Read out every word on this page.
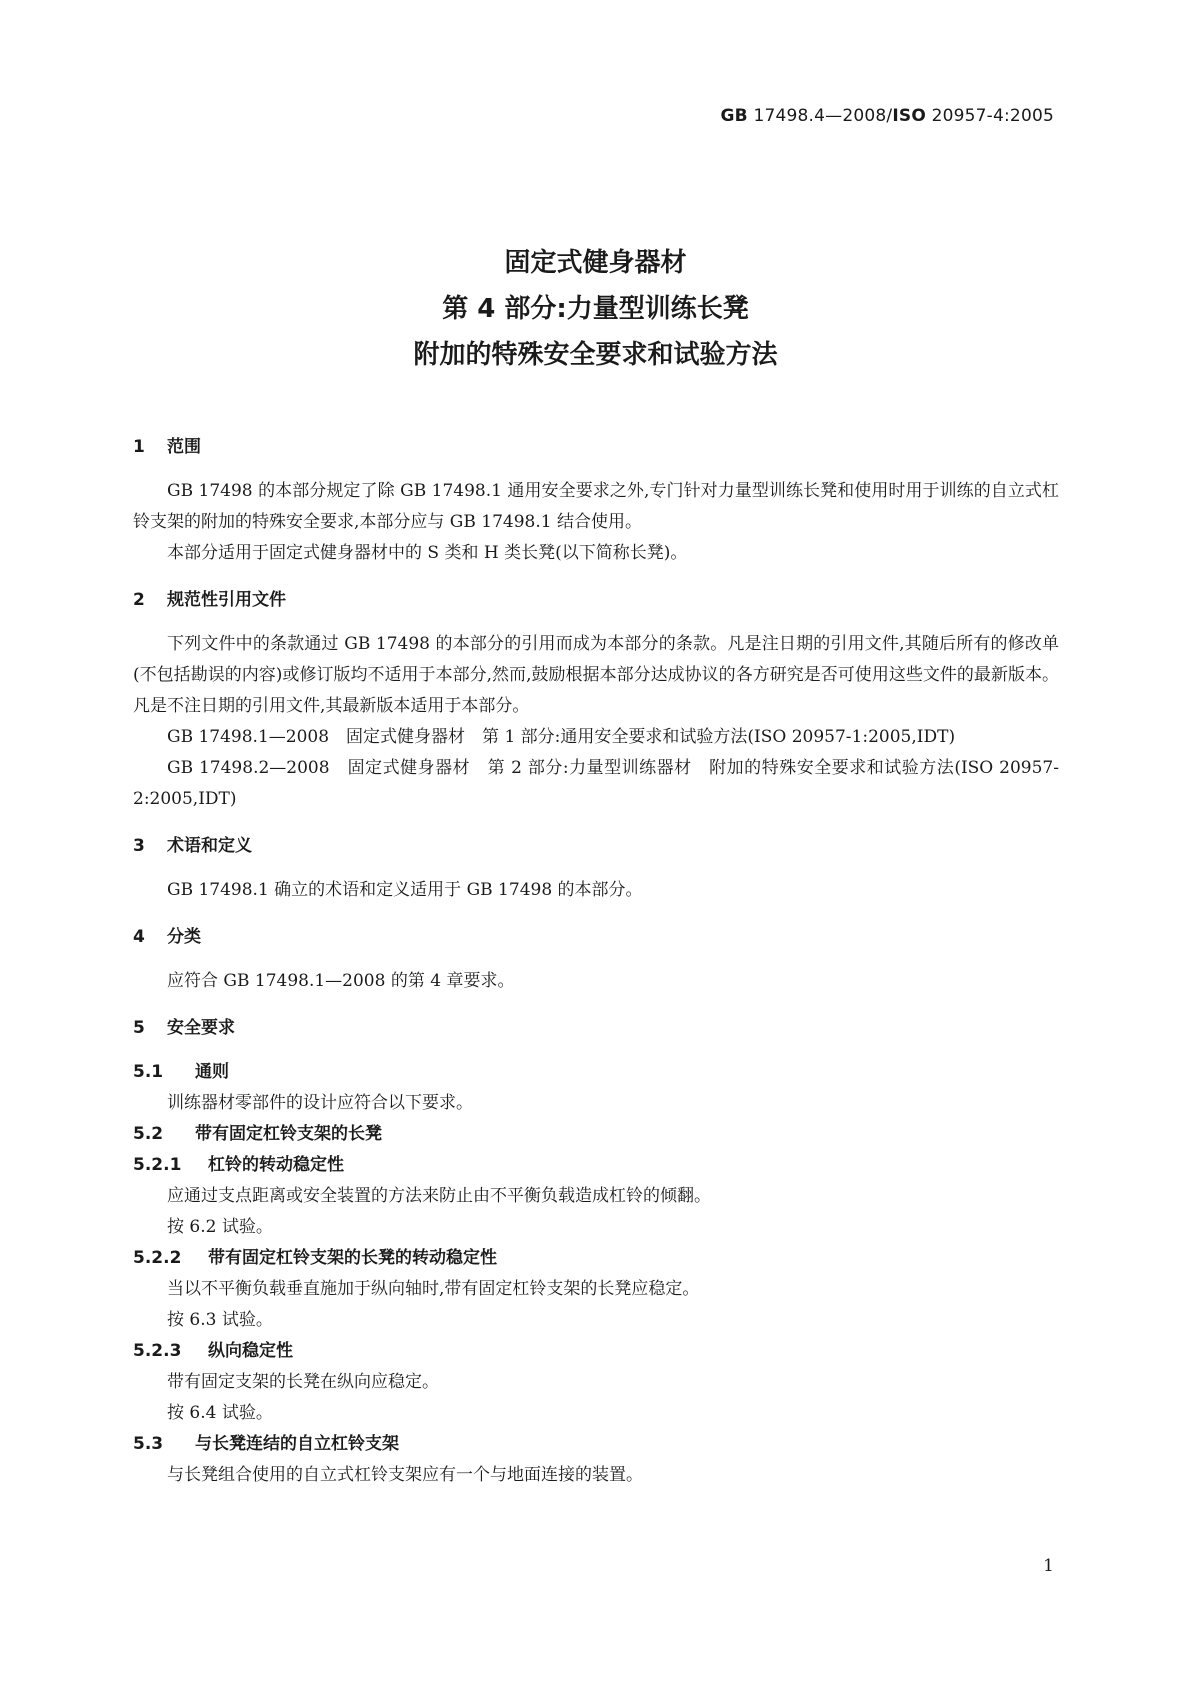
GB 17498.4—2008/ISO 20957-4:2005
固定式健身器材
第 4 部分:力量型训练长凳
附加的特殊安全要求和试验方法
1 范围

GB 17498 的本部分规定了除 GB 17498.1 通用安全要求之外,专门针对力量型训练长凳和使用时用于训练的自立式杠铃支架的附加的特殊安全要求,本部分应与 GB 17498.1 结合使用。

本部分适用于固定式健身器材中的 S 类和 H 类长凳(以下简称长凳)。

2 规范性引用文件

下列文件中的条款通过 GB 17498 的本部分的引用而成为本部分的条款。凡是注日期的引用文件,其随后所有的修改单(不包括勘误的内容)或修订版均不适用于本部分,然而,鼓励根据本部分达成协议的各方研究是否可使用这些文件的最新版本。凡是不注日期的引用文件,其最新版本适用于本部分。

GB 17498.1—2008　固定式健身器材　第 1 部分:通用安全要求和试验方法(ISO 20957-1:2005,IDT)

GB 17498.2—2008　固定式健身器材　第 2 部分:力量型训练器材　附加的特殊安全要求和试验方法(ISO 20957-2:2005,IDT)

3 术语和定义

GB 17498.1 确立的术语和定义适用于 GB 17498 的本部分。

4 分类

应符合 GB 17498.1—2008 的第 4 章要求。

5 安全要求
5.1 通则

训练器材零部件的设计应符合以下要求。

5.2 带有固定杠铃支架的长凳
5.2.1 杠铃的转动稳定性

应通过支点距离或安全装置的方法来防止由不平衡负载造成杠铃的倾翻。

按 6.2 试验。

5.2.2 带有固定杠铃支架的长凳的转动稳定性

当以不平衡负载垂直施加于纵向轴时,带有固定杠铃支架的长凳应稳定。

按 6.3 试验。

5.2.3 纵向稳定性

带有固定支架的长凳在纵向应稳定。

按 6.4 试验。

5.3 与长凳连结的自立杠铃支架

与长凳组合使用的自立式杠铃支架应有一个与地面连接的装置。

1
